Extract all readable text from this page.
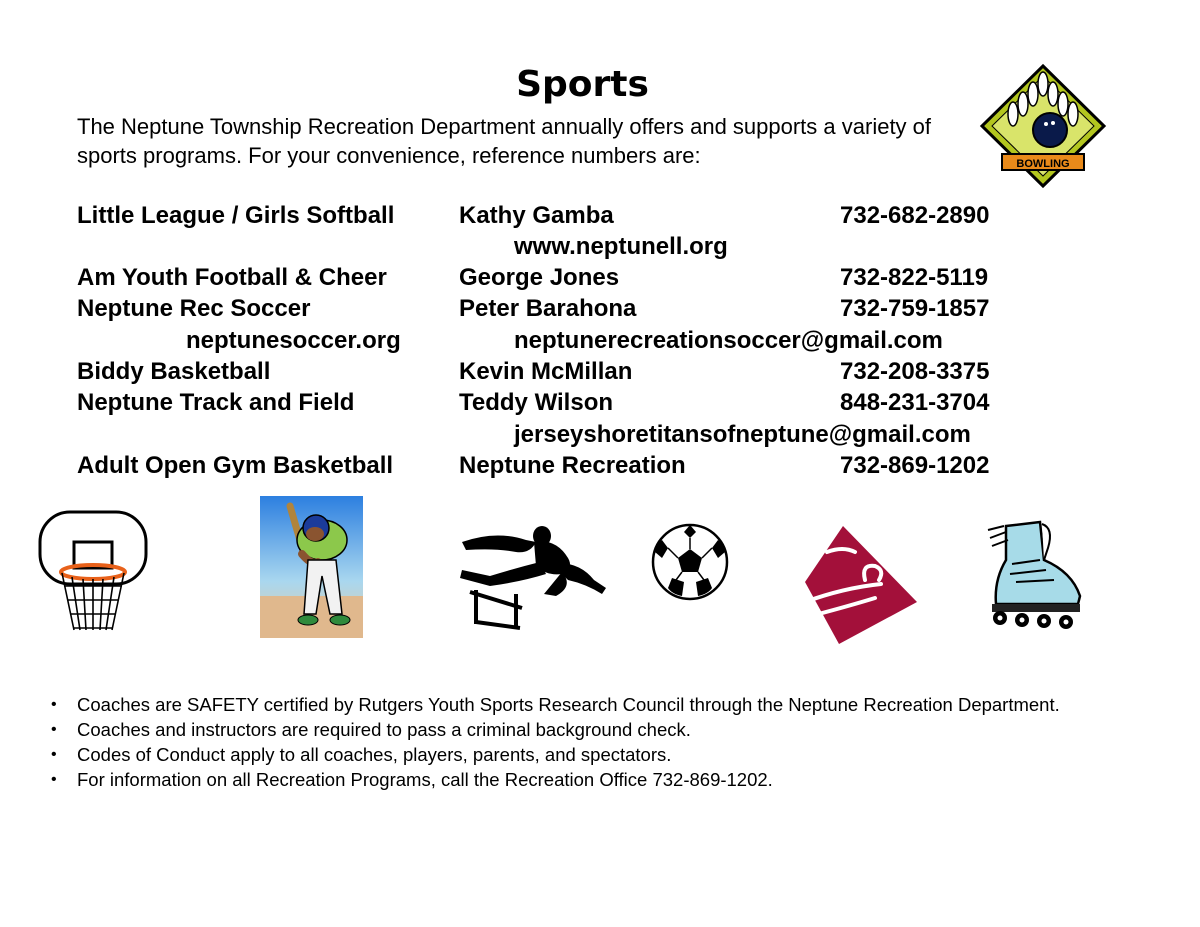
Sports
The Neptune Township Recreation Department annually offers and supports a variety of sports programs. For your convenience, reference numbers are:
Little League / Girls Softball	Kathy Gamba	732-682-2890
www.neptunell.org
Am Youth Football & Cheer	George Jones	732-822-5119
Neptune Rec Soccer	Peter Barahona	732-759-1857
neptunesoccer.org	neptunerecreationsoccer@gmail.com
Biddy Basketball	Kevin McMillan	732-208-3375
Neptune Track and Field	Teddy Wilson	848-231-3704
jerseyshoretitansofneptune@gmail.com
Adult Open Gym Basketball	Neptune Recreation	732-869-1202
BOWLING
• Coaches are SAFETY certified by Rutgers Youth Sports Research Council through the Neptune Recreation Department.
• Coaches and instructors are required to pass a criminal background check.
• Codes of Conduct apply to all coaches, players, parents, and spectators.
• For information on all Recreation Programs, call the Recreation Office 732-869-1202.
